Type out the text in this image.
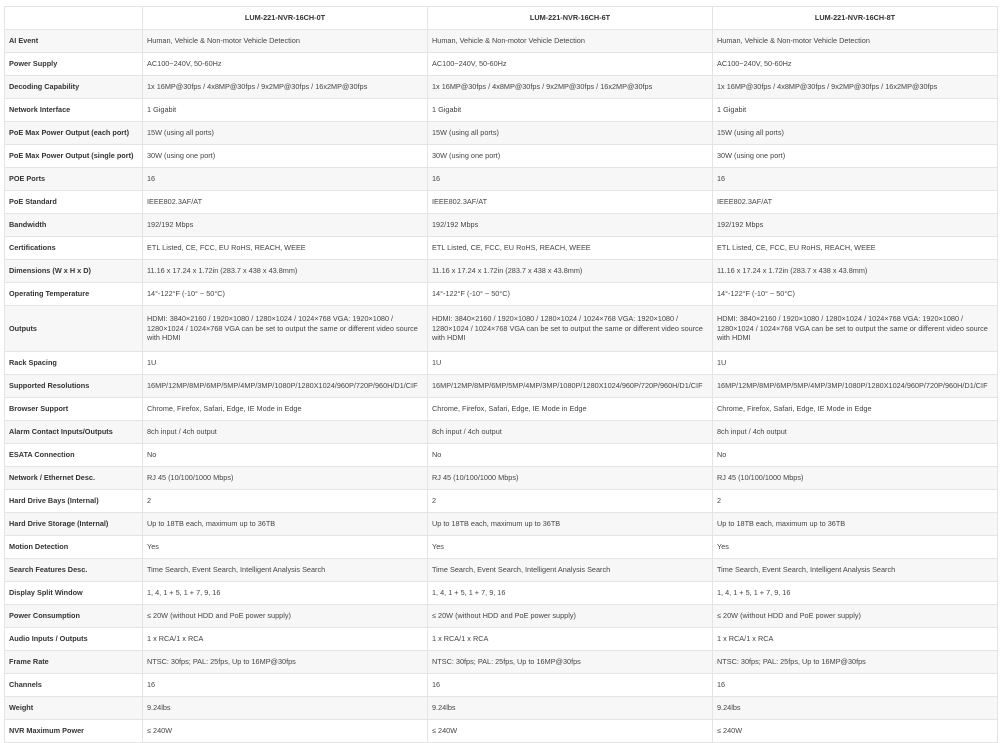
	LUM-221-NVR-16CH-0T	LUM-221-NVR-16CH-6T	LUM-221-NVR-16CH-8T
AI Event	Human, Vehicle & Non-motor Vehicle Detection	Human, Vehicle & Non-motor Vehicle Detection	Human, Vehicle & Non-motor Vehicle Detection
Power Supply	AC100~240V, 50-60Hz	AC100~240V, 50-60Hz	AC100~240V, 50-60Hz
Decoding Capability	1x 16MP@30fps / 4x8MP@30fps / 9x2MP@30fps / 16x2MP@30fps	1x 16MP@30fps / 4x8MP@30fps / 9x2MP@30fps / 16x2MP@30fps	1x 16MP@30fps / 4x8MP@30fps / 9x2MP@30fps / 16x2MP@30fps
Network Interface	1 Gigabit	1 Gigabit	1 Gigabit
PoE Max Power Output (each port)	15W (using all ports)	15W (using all ports)	15W (using all ports)
PoE Max Power Output (single port)	30W (using one port)	30W (using one port)	30W (using one port)
POE Ports	16	16	16
PoE Standard	IEEE802.3AF/AT	IEEE802.3AF/AT	IEEE802.3AF/AT
Bandwidth	192/192 Mbps	192/192 Mbps	192/192 Mbps
Certifications	ETL Listed, CE, FCC, EU RoHS, REACH, WEEE	ETL Listed, CE, FCC, EU RoHS, REACH, WEEE	ETL Listed, CE, FCC, EU RoHS, REACH, WEEE
Dimensions (W x H x D)	11.16 x 17.24 x 1.72in (283.7 x 438 x 43.8mm)	11.16 x 17.24 x 1.72in (283.7 x 438 x 43.8mm)	11.16 x 17.24 x 1.72in (283.7 x 438 x 43.8mm)
Operating Temperature	14°-122°F (-10° ~ 50°C)	14°-122°F (-10° ~ 50°C)	14°-122°F (-10° ~ 50°C)
Outputs	HDMI: 3840×2160 / 1920×1080 / 1280×1024 / 1024×768 VGA: 1920×1080 / 1280×1024 / 1024×768 VGA can be set to output the same or different video source with HDMI	HDMI: 3840×2160 / 1920×1080 / 1280×1024 / 1024×768 VGA: 1920×1080 / 1280×1024 / 1024×768 VGA can be set to output the same or different video source with HDMI	HDMI: 3840×2160 / 1920×1080 / 1280×1024 / 1024×768 VGA: 1920×1080 / 1280×1024 / 1024×768 VGA can be set to output the same or different video source with HDMI
Rack Spacing	1U	1U	1U
Supported Resolutions	16MP/12MP/8MP/6MP/5MP/4MP/3MP/1080P/1280X1024/960P/720P/960H/D1/CIF	16MP/12MP/8MP/6MP/5MP/4MP/3MP/1080P/1280X1024/960P/720P/960H/D1/CIF	16MP/12MP/8MP/6MP/5MP/4MP/3MP/1080P/1280X1024/960P/720P/960H/D1/CIF
Browser Support	Chrome, Firefox, Safari, Edge, IE Mode in Edge	Chrome, Firefox, Safari, Edge, IE Mode in Edge	Chrome, Firefox, Safari, Edge, IE Mode in Edge
Alarm Contact Inputs/Outputs	8ch input / 4ch output	8ch input / 4ch output	8ch input / 4ch output
ESATA Connection	No	No	No
Network / Ethernet Desc.	RJ 45 (10/100/1000 Mbps)	RJ 45 (10/100/1000 Mbps)	RJ 45 (10/100/1000 Mbps)
Hard Drive Bays (Internal)	2	2	2
Hard Drive Storage (Internal)	Up to 18TB each, maximum up to 36TB	Up to 18TB each, maximum up to 36TB	Up to 18TB each, maximum up to 36TB
Motion Detection	Yes	Yes	Yes
Search Features Desc.	Time Search, Event Search, Intelligent Analysis Search	Time Search, Event Search, Intelligent Analysis Search	Time Search, Event Search, Intelligent Analysis Search
Display Split Window	1, 4, 1 + 5, 1 + 7, 9, 16	1, 4, 1 + 5, 1 + 7, 9, 16	1, 4, 1 + 5, 1 + 7, 9, 16
Power Consumption	≤ 20W (without HDD and PoE power supply)	≤ 20W (without HDD and PoE power supply)	≤ 20W (without HDD and PoE power supply)
Audio Inputs / Outputs	1 x RCA/1 x RCA	1 x RCA/1 x RCA	1 x RCA/1 x RCA
Frame Rate	NTSC: 30fps; PAL: 25fps, Up to 16MP@30fps	NTSC: 30fps; PAL: 25fps, Up to 16MP@30fps	NTSC: 30fps; PAL: 25fps, Up to 16MP@30fps
Channels	16	16	16
Weight	9.24lbs	9.24lbs	9.24lbs
NVR Maximum Power	≤ 240W	≤ 240W	≤ 240W
